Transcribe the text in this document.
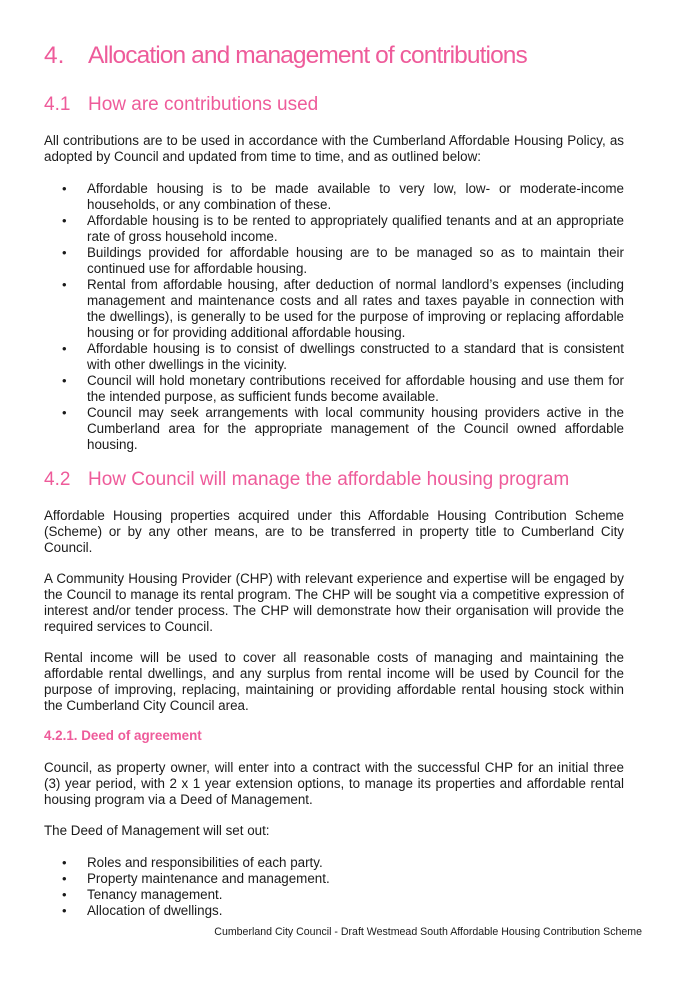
4. Allocation and management of contributions
4.1 How are contributions used

All contributions are to be used in accordance with the Cumberland Affordable Housing Policy, as adopted by Council and updated from time to time, and as outlined below:

• Affordable housing is to be made available to very low, low- or moderate-income households, or any combination of these.
• Affordable housing is to be rented to appropriately qualified tenants and at an appropriate rate of gross household income.
• Buildings provided for affordable housing are to be managed so as to maintain their continued use for affordable housing.
• Rental from affordable housing, after deduction of normal landlord’s expenses (including management and maintenance costs and all rates and taxes payable in connection with the dwellings), is generally to be used for the purpose of improving or replacing affordable housing or for providing additional affordable housing.
• Affordable housing is to consist of dwellings constructed to a standard that is consistent with other dwellings in the vicinity.
• Council will hold monetary contributions received for affordable housing and use them for the intended purpose, as sufficient funds become available.
• Council may seek arrangements with local community housing providers active in the Cumberland area for the appropriate management of the Council owned affordable housing.
4.2 How Council will manage the affordable housing program

Affordable Housing properties acquired under this Affordable Housing Contribution Scheme (Scheme) or by any other means, are to be transferred in property title to Cumberland City Council.

A Community Housing Provider (CHP) with relevant experience and expertise will be engaged by the Council to manage its rental program. The CHP will be sought via a competitive expression of interest and/or tender process. The CHP will demonstrate how their organisation will provide the required services to Council.

Rental income will be used to cover all reasonable costs of managing and maintaining the affordable rental dwellings, and any surplus from rental income will be used by Council for the purpose of improving, replacing, maintaining or providing affordable rental housing stock within the Cumberland City Council area.

4.2.1. Deed of agreement

Council, as property owner, will enter into a contract with the successful CHP for an initial three (3) year period, with 2 x 1 year extension options, to manage its properties and affordable rental housing program via a Deed of Management.

The Deed of Management will set out:

• Roles and responsibilities of each party.
• Property maintenance and management.
• Tenancy management.
• Allocation of dwellings.

Cumberland City Council - Draft Westmead South Affordable Housing Contribution Scheme
